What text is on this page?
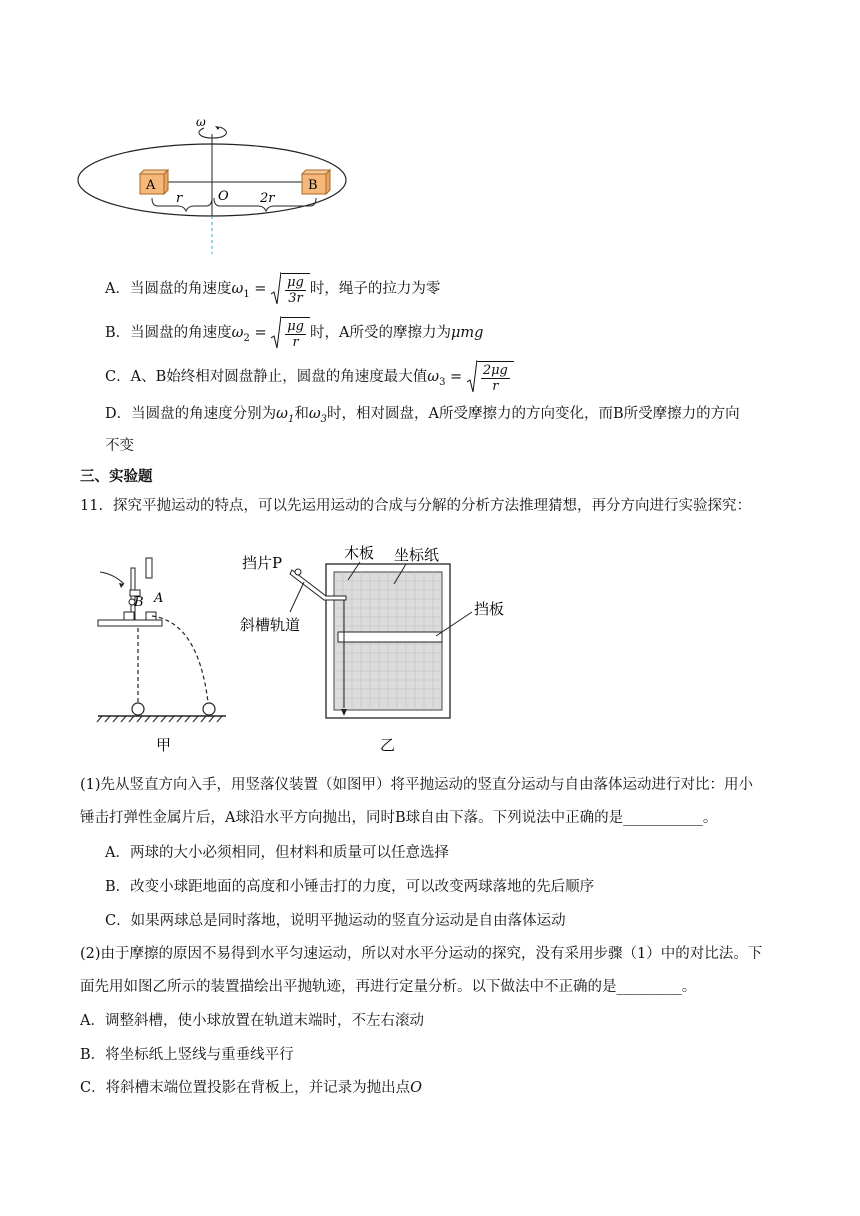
ω
A	B
O
r	2r
A．当圆盘的角速度$\omega_1 = \frac{\mu g}{3r}$ 时，绳子的拉力为零
B．当圆盘的角速度$\omega_2 = \frac{\mu g}{r}$ 时，A所受的摩擦力为μmg
C．A、B始终相对圆盘静止，圆盘的角速度最大值$\omega_3 = \frac{2\mu g}{r}$
D．当圆盘的角速度分别为$\omega_1$和$\omega_3$时，相对圆盘，A所受摩擦力的方向变化，而B所受摩擦力的方向
不变
三、实验题
11．探究平抛运动的特点，可以先运用运动的合成与分解的分析方法推理猜想，再分方向进行实验探究：
B A
甲
挡片P
木板 坐标纸
斜槽轨道
挡板
乙
(1)先从竖直方向入手，用竖落仪装置（如图甲）将平抛运动的竖直分运动与自由落体运动进行对比：用小
锤击打弹性金属片后，A球沿水平方向抛出，同时B球自由下落。下列说法中正确的是___________。
A．两球的大小必须相同，但材料和质量可以任意选择
B．改变小球距地面的高度和小锤击打的力度，可以改变两球落地的先后顺序
C．如果两球总是同时落地，说明平抛运动的竖直分运动是自由落体运动
(2)由于摩擦的原因不易得到水平匀速运动，所以对水平分运动的探究，没有采用步骤（1）中的对比法。下
面先用如图乙所示的装置描绘出平抛轨迹，再进行定量分析。以下做法中不正确的是_________。
A．调整斜槽，使小球放置在轨道末端时，不左右滚动
B．将坐标纸上竖线与重垂线平行
C．将斜槽末端位置投影在背板上，并记录为抛出点O
